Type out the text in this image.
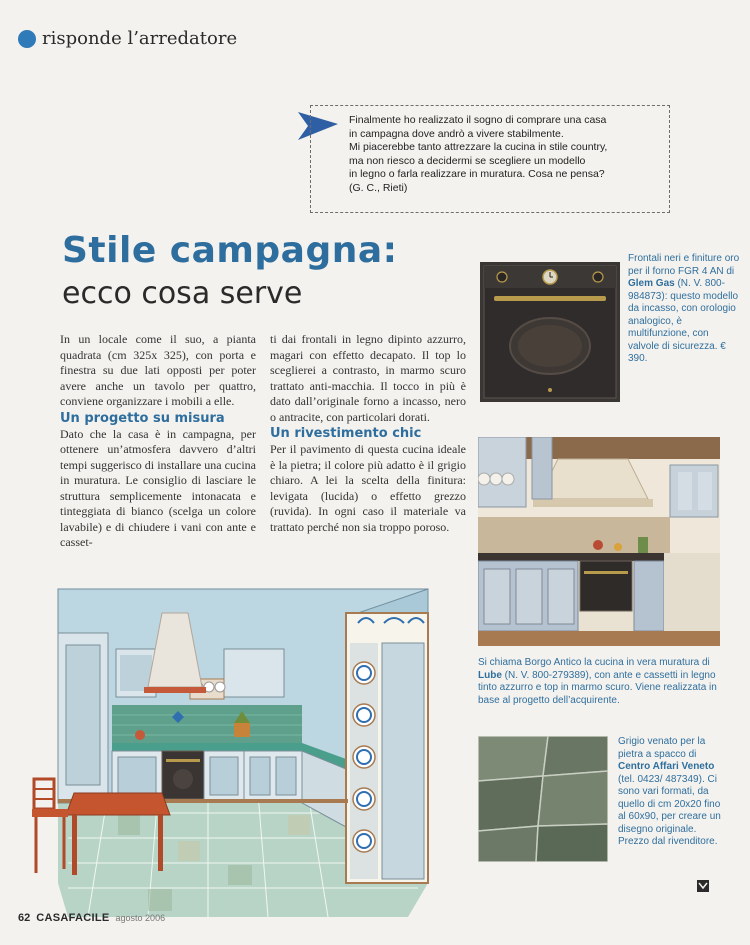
risponde l’arredatore

Finalmente ho realizzato il sogno di comprare una casa

in campagna dove andrò a vivere stabilmente.

Mi piacerebbe tanto attrezzare la cucina in stile country,

ma non riesco a decidermi se scegliere un modello

in legno o farla realizzare in muratura. Cosa ne pensa?

(G. C., Rieti)

Stile campagna:
ecco cosa serve

In un locale come il suo, a pianta quadrata (cm 325x 325), con porta e finestra su due lati opposti per poter avere anche un tavolo per quattro, conviene organizzare i mobili a elle.

Un progetto su misura

Dato che la casa è in campagna, per ottenere un’atmosfera davvero d’altri tempi suggerisco di installare una cucina in muratura. Le consiglio di lasciare le struttura semplicemente intonacata e tinteggiata di bianco (scelga un colore lavabile) e di chiudere i vani con ante e casset-

ti dai frontali in legno dipinto azzurro, magari con effetto decapato. Il top lo sceglierei a contrasto, in marmo scuro trattato anti-macchia. Il tocco in più è dato dall’originale forno a incasso, nero o antracite, con particolari dorati.

Un rivestimento chic

Per il pavimento di questa cucina ideale è la pietra; il colore più adatto è il grigio chiaro. A lei la scelta della finitura: levigata (lucida) o effetto grezzo (ruvida). In ogni caso il materiale va trattato perché non sia troppo poroso.

Frontali neri e finiture oro per il forno FGR 4 AN di Glem Gas (N. V. 800-984873): questo modello da incasso, con orologio analogico, è multifunzione, con valvole di sicurezza. € 390.
Si chiama Borgo Antico la cucina in vera muratura di Lube (N. V. 800-279389), con ante e cassetti in legno tinto azzurro e top in marmo scuro. Viene realizzata in base al progetto dell’acquirente.
Grigio venato per la pietra a spacco di Centro Affari Veneto (tel. 0423/ 487349). Ci sono vari formati, da quello di cm 20x20 fino al 60x90, per creare un disegno originale. Prezzo dal rivenditore.
62 CASAFACILE agosto 2006
